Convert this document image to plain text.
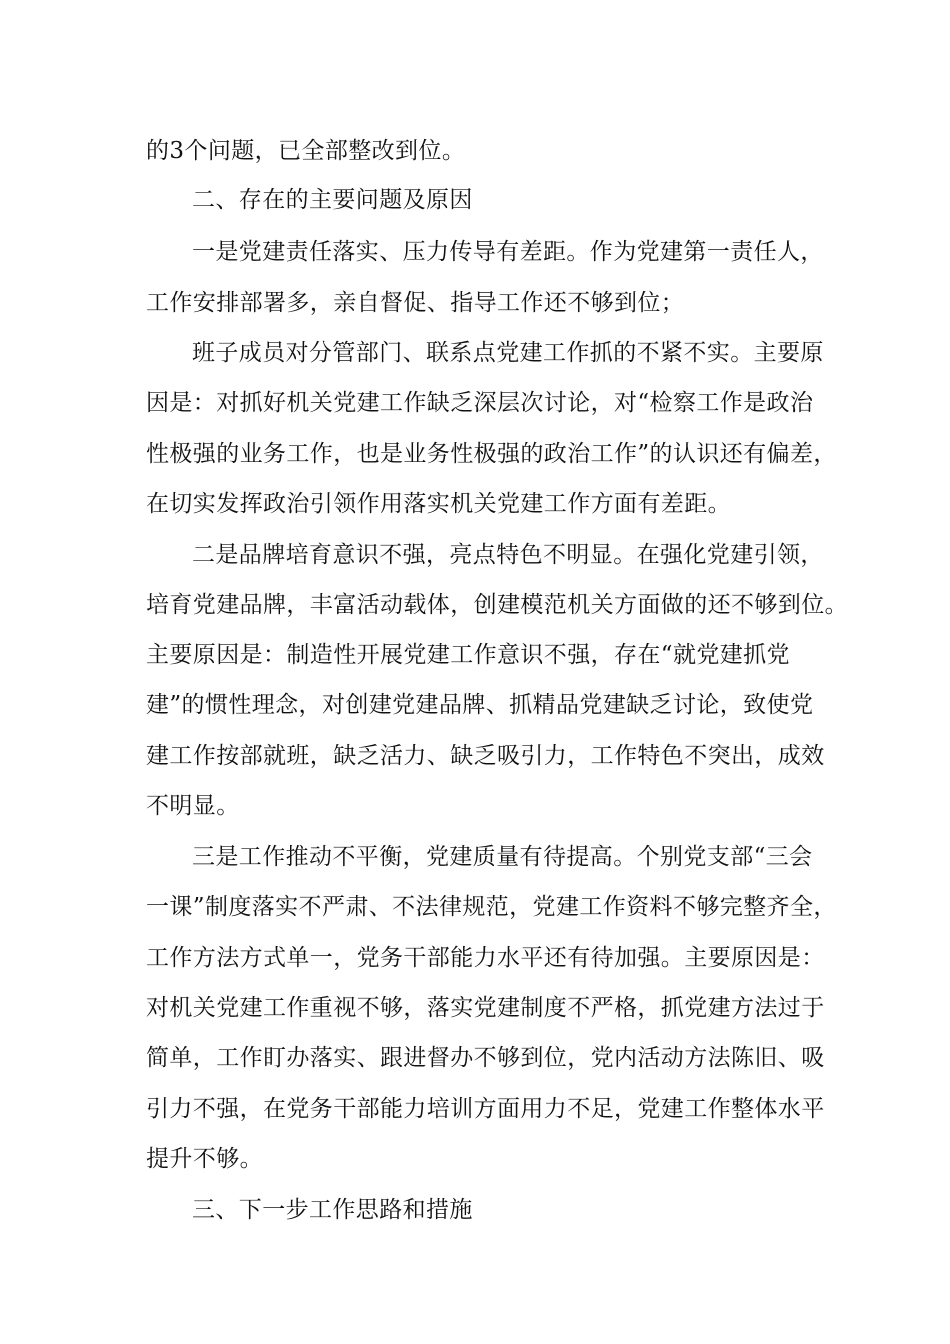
的3个问题，已全部整改到位。

二、存在的主要问题及原因

一是党建责任落实、压力传导有差距。作为党建第一责任人，

工作安排部署多，亲自督促、指导工作还不够到位；

班子成员对分管部门、联系点党建工作抓的不紧不实。主要原

因是：对抓好机关党建工作缺乏深层次讨论，对“检察工作是政治

性极强的业务工作，也是业务性极强的政治工作”的认识还有偏差，

在切实发挥政治引领作用落实机关党建工作方面有差距。

二是品牌培育意识不强，亮点特色不明显。在强化党建引领，

培育党建品牌，丰富活动载体，创建模范机关方面做的还不够到位。

主要原因是：制造性开展党建工作意识不强，存在“就党建抓党

建”的惯性理念，对创建党建品牌、抓精品党建缺乏讨论，致使党

建工作按部就班，缺乏活力、缺乏吸引力，工作特色不突出，成效

不明显。

三是工作推动不平衡，党建质量有待提高。个别党支部“三会

一课”制度落实不严肃、不法律规范，党建工作资料不够完整齐全，

工作方法方式单一，党务干部能力水平还有待加强。主要原因是：

对机关党建工作重视不够，落实党建制度不严格，抓党建方法过于

简单，工作盯办落实、跟进督办不够到位，党内活动方法陈旧、吸

引力不强，在党务干部能力培训方面用力不足，党建工作整体水平

提升不够。

三、下一步工作思路和措施
